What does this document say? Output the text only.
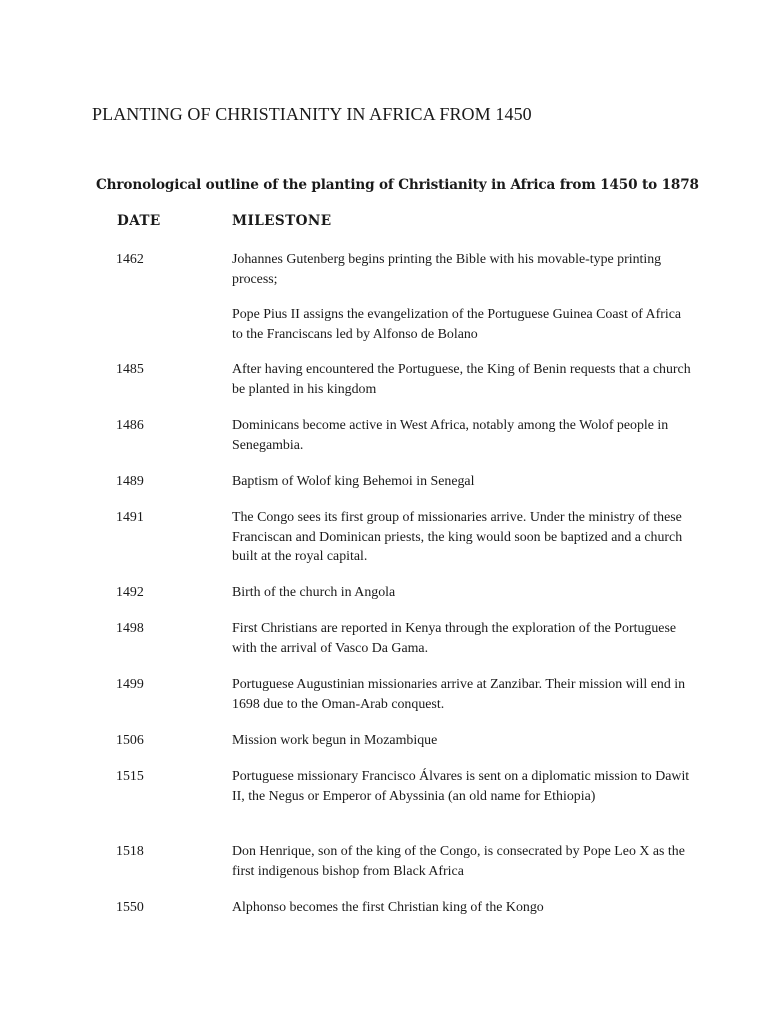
PLANTING OF CHRISTIANITY IN AFRICA FROM 1450
Chronological outline of the planting of Christianity in Africa from 1450 to 1878
DATE	MILESTONE
1462	Johannes Gutenberg begins printing the Bible with his movable-type printing process;
Pope Pius II assigns the evangelization of the Portuguese Guinea Coast of Africa to the Franciscans led by Alfonso de Bolano
1485	After having encountered the Portuguese, the King of Benin requests that a church be planted in his kingdom
1486	Dominicans become active in West Africa, notably among the Wolof people in Senegambia.
1489	Baptism of Wolof king Behemoi in Senegal
1491	The Congo sees its first group of missionaries arrive. Under the ministry of these Franciscan and Dominican priests, the king would soon be baptized and a church built at the royal capital.
1492	Birth of the church in Angola
1498	First Christians are reported in Kenya through the exploration of the Portuguese with the arrival of Vasco Da Gama.
1499	Portuguese Augustinian missionaries arrive at Zanzibar. Their mission will end in 1698 due to the Oman-Arab conquest.
1506	Mission work begun in Mozambique
1515	Portuguese missionary Francisco Álvares is sent on a diplomatic mission to Dawit II, the Negus or Emperor of Abyssinia (an old name for Ethiopia)
1518	Don Henrique, son of the king of the Congo, is consecrated by Pope Leo X as the first indigenous bishop from Black Africa
1550	Alphonso becomes the first Christian king of the Kongo
